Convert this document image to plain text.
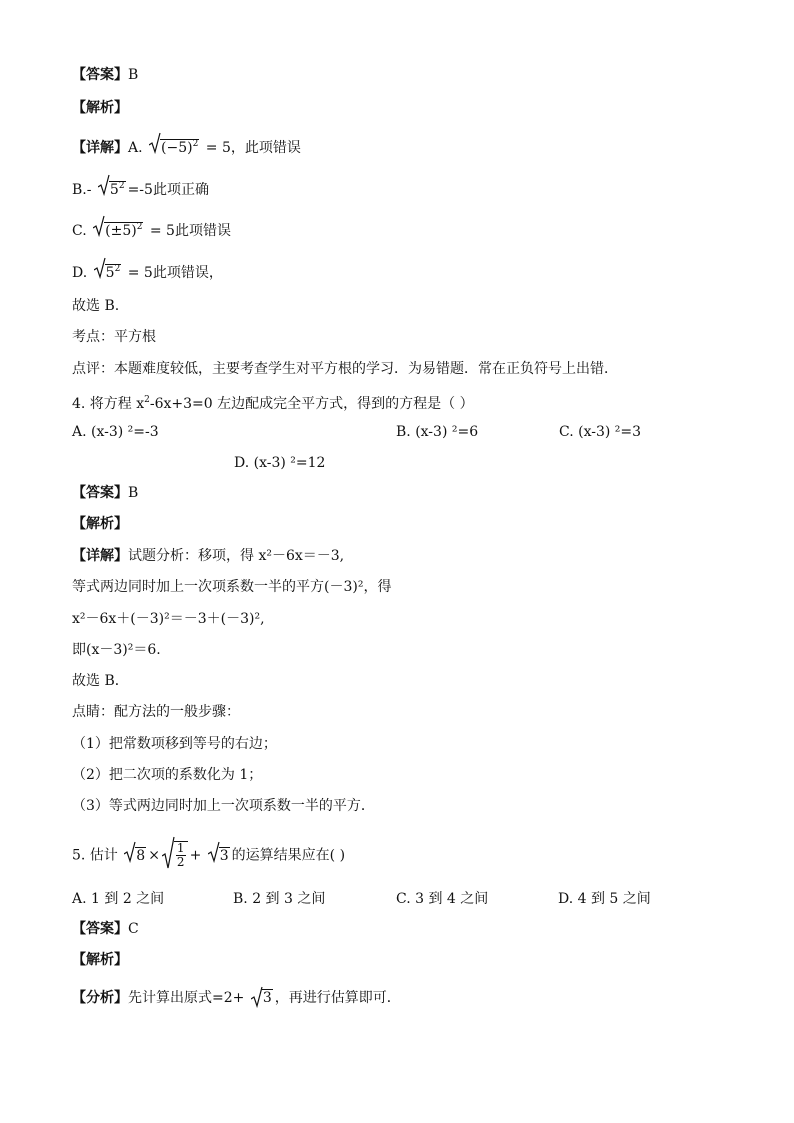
【答案】B
【解析】
【详解】A. $(-5)^2 = 5$，此项错误
B.- $5^2 =-5$此项正确
C. $(\pm 5)^2 = 5$此项错误
D. $5^2 = 5$此项错误，
故选 B.
考点：平方根
点评：本题难度较低，主要考查学生对平方根的学习．为易错题．常在正负符号上出错．
4. 将方程 $x^2-6x+3=0$ 左边配成完全平方式，得到的方程是（ ）
A. (x-3) ²=-3	B. (x-3) ²=6	C. (x-3) ²=3
D. (x-3) ²=12
【答案】B
【解析】
【详解】试题分析：移项，得 x²－6x＝－3,
等式两边同时加上一次项系数一半的平方(－3)²，得
x²－6x＋(－3)²＝－3＋(－3)²,
即(x－3)²＝6.
故选 B．
点睛：配方法的一般步骤：
（1）把常数项移到等号的右边；
（2）把二次项的系数化为 1；
（3）等式两边同时加上一次项系数一半的平方．
5. 估计 $8 \times \frac{1}{2} + 3$ 的运算结果应在( )
A. 1 到 2 之间	B. 2 到 3 之间	C. 3 到 4 之间	D. 4 到 5 之间
【答案】C
【解析】
【分析】先计算出原式=2+ 3 ，再进行估算即可．
